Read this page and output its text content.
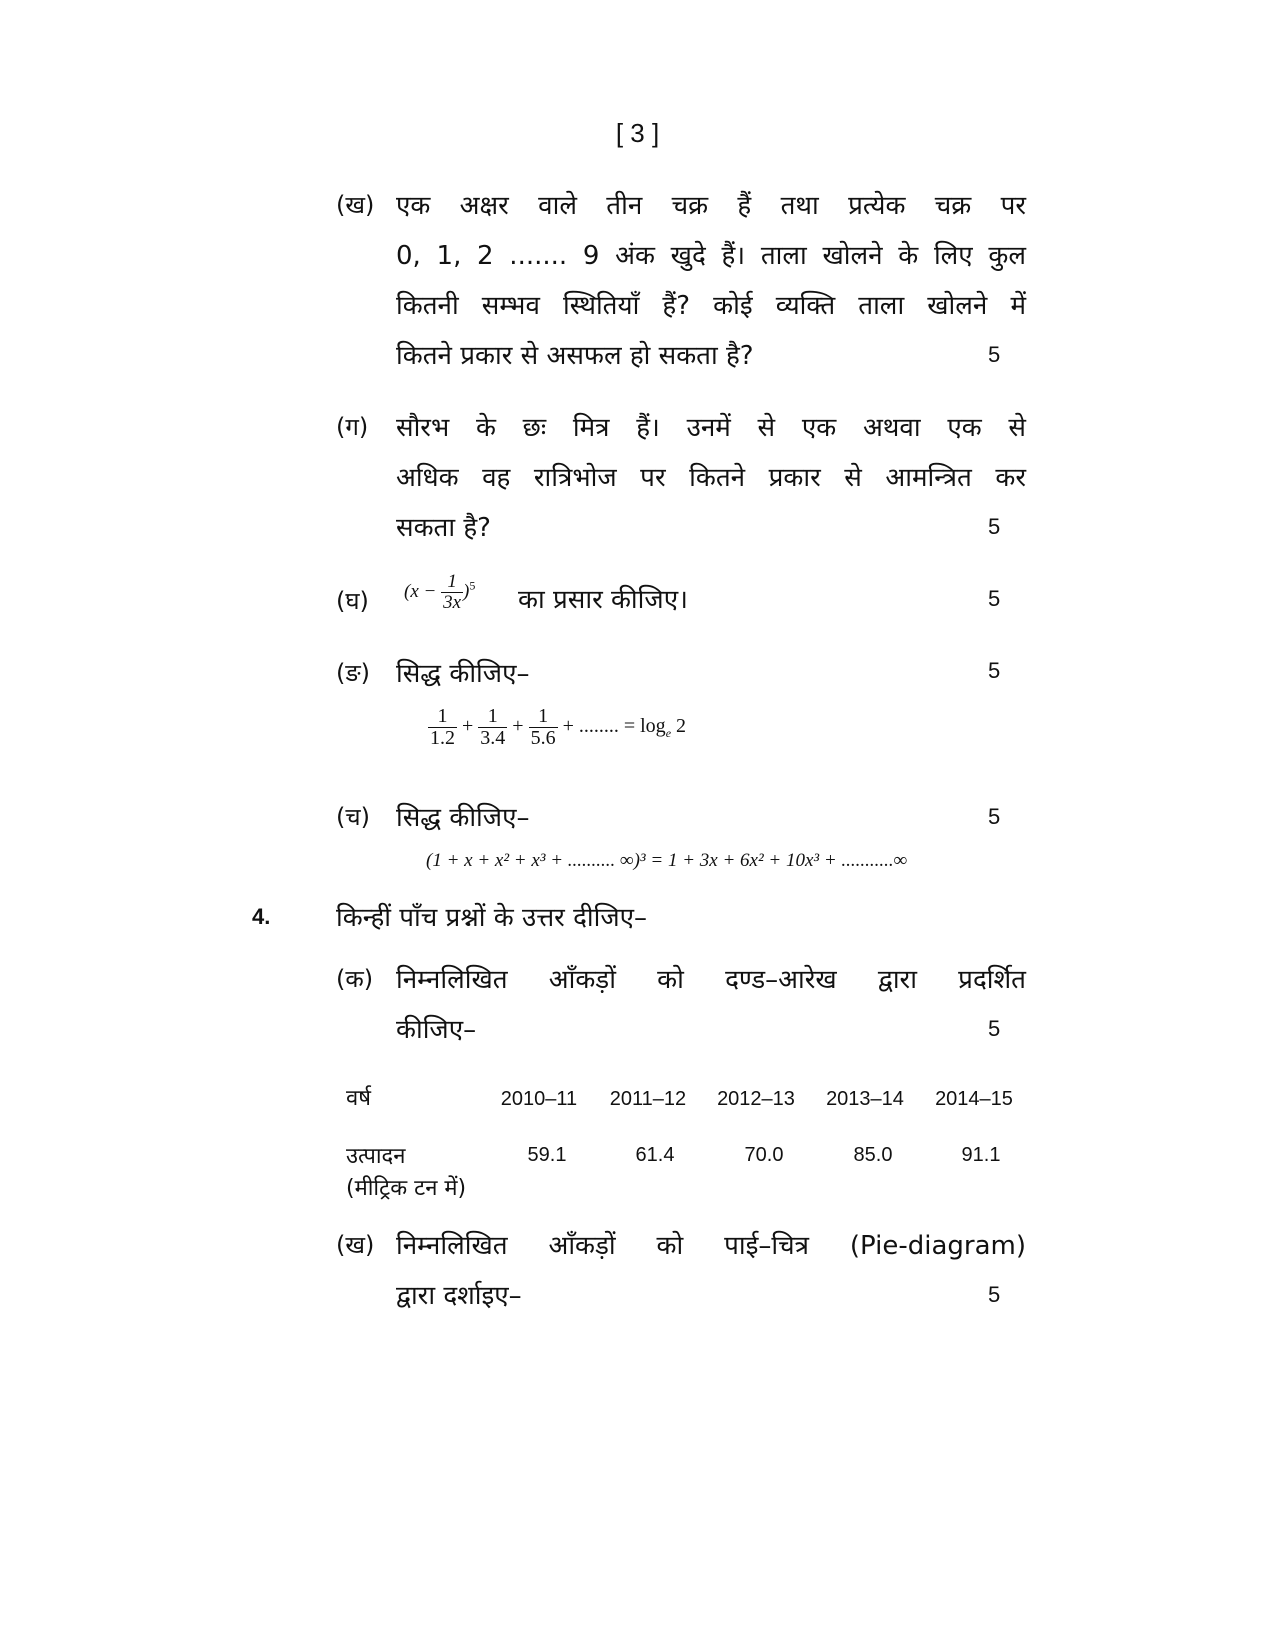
[ 3 ]
(ख) एक अक्षर वाले तीन चक्र हैं तथा प्रत्येक चक्र पर
0, 1, 2 ....... 9 अंक खुदे हैं। ताला खोलने के लिए कुल
कितनी सम्भव स्थितियाँ हैं? कोई व्यक्ति ताला खोलने में
कितने प्रकार से असफल हो सकता है?	5
(ग) सौरभ के छः मित्र हैं। उनमें से एक अथवा एक से
अधिक वह रात्रिभोज पर कितने प्रकार से आमन्त्रित कर
सकता है?	5
(घ) $(x - \frac{1}{3x} )^5$ का प्रसार कीजिए।	5
(ङ) सिद्ध कीजिए–	5
$\frac{1}{1.2} + \frac{1}{3.4} + \frac{1}{5.6}$ + ........ = $\log_e 2$
(च) सिद्ध कीजिए–	5
(1 + x + x² + x³ + .......... ∞)³ = 1 + 3x + 6x² + 10x³ + ...........∞
4.	किन्हीं पाँच प्रश्नों के उत्तर दीजिए–
(क) निम्नलिखित आँकड़ों को दण्ड–आरेख द्वारा प्रदर्शित
कीजिए–	5
वर्ष	2010–11	2011–12	2012–13	2013–14	2014–15
उत्पादन
(मीट्रिक टन में)
59.1	61.4	70.0	85.0	91.1
(ख) निम्नलिखित आँकड़ों को पाई–चित्र (Pie-diagram)
द्वारा दर्शाइए–	5
